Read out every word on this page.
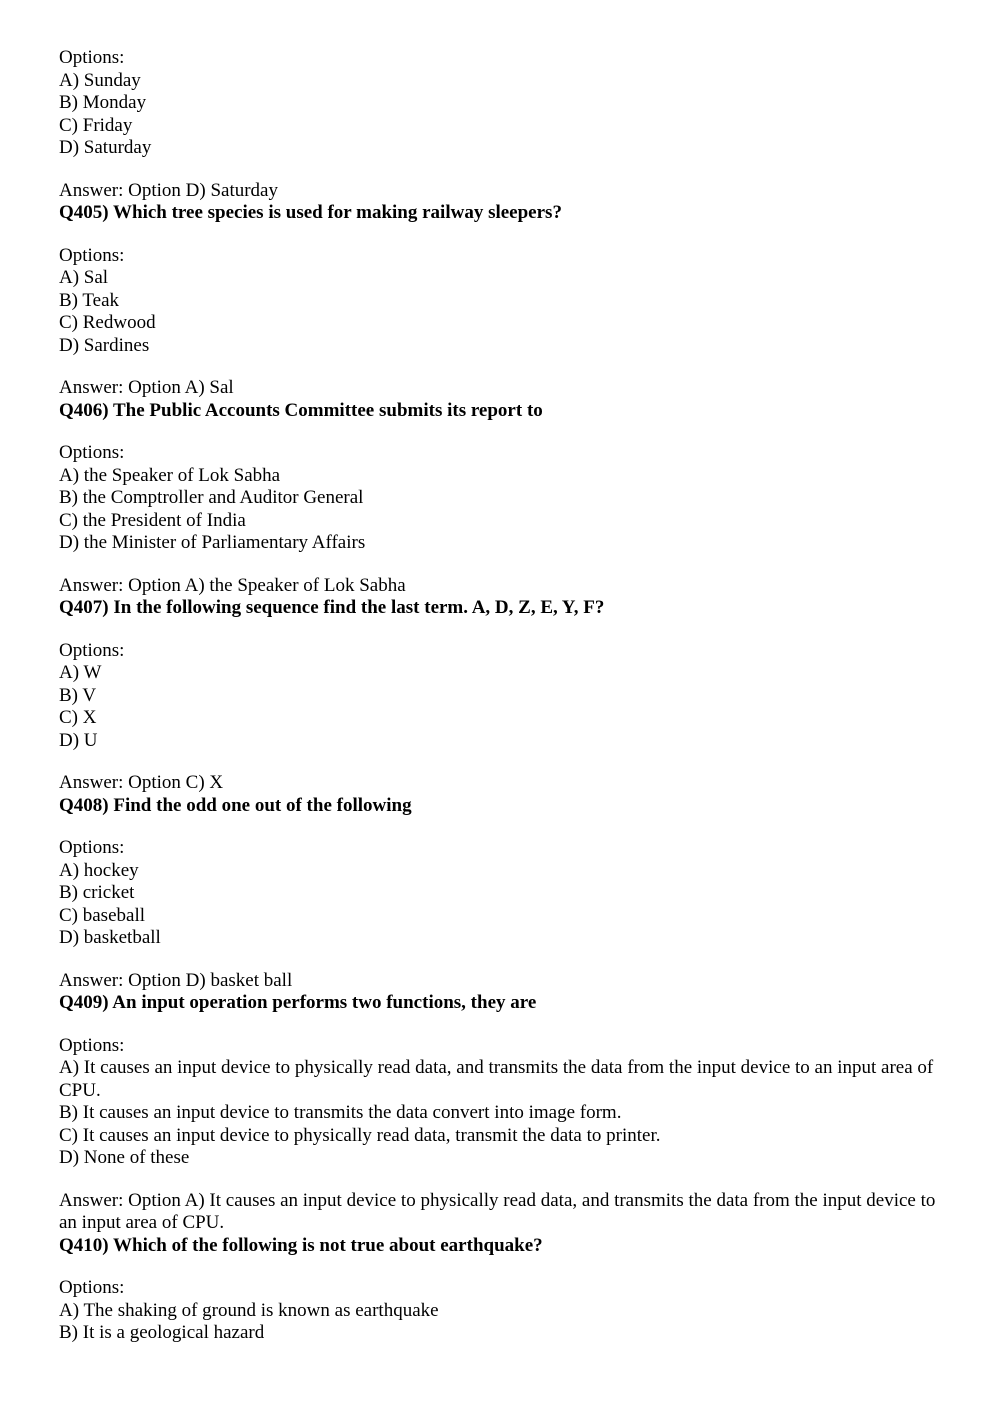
Options:
A) Sunday
B) Monday
C) Friday
D) Saturday
Answer: Option D) Saturday
Q405) Which tree species is used for making railway sleepers?
Options:
A) Sal
B) Teak
C) Redwood
D) Sardines
Answer: Option A) Sal
Q406) The Public Accounts Committee submits its report to
Options:
A) the Speaker of Lok Sabha
B) the Comptroller and Auditor General
C) the President of India
D) the Minister of Parliamentary Affairs
Answer: Option A) the Speaker of Lok Sabha
Q407) In the following sequence find the last term. A, D, Z, E, Y, F?
Options:
A) W
B) V
C) X
D) U
Answer: Option C) X
Q408) Find the odd one out of the following
Options:
A) hockey
B) cricket
C) baseball
D) basketball
Answer: Option D) basket ball
Q409) An input operation performs two functions, they are
Options:
A) It causes an input device to physically read data, and transmits the data from the input device to an input area of CPU.
B) It causes an input device to transmits the data convert into image form.
C) It causes an input device to physically read data, transmit the data to printer.
D) None of these
Answer: Option A) It causes an input device to physically read data, and transmits the data from the input device to an input area of CPU.
Q410) Which of the following is not true about earthquake?
Options:
A) The shaking of ground is known as earthquake
B) It is a geological hazard
